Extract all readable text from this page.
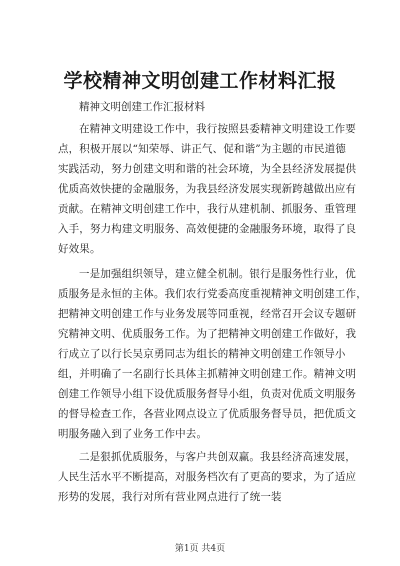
学校精神文明创建工作材料汇报
精神文明创建工作汇报材料
在精神文明建设工作中，我行按照县委精神文明建设工作要
点，积极开展以“知荣辱、讲正气、促和谐”为主题的市民道德
实践活动，努力创建文明和谐的社会环境，为全县经济发展提供
优质高效快捷的金融服务，为我县经济发展实现新跨越做出应有
贡献。在精神文明创建工作中，我行从建机制、抓服务、重管理
入手，努力构建文明服务、高效便捷的金融服务环境，取得了良
好效果。
一是加强组织领导，建立健全机制。银行是服务性行业，优
质服务是永恒的主体。我们农行党委高度重视精神文明创建工作，
把精神文明创建工作与业务发展等同重视，经常召开会议专题研
究精神文明、优质服务工作。为了把精神文明创建工作做好，我
行成立了以行长吴京勇同志为组长的精神文明创建工作领导小
组，并明确了一名副行长具体主抓精神文明创建工作。精神文明
创建工作领导小组下设优质服务督导小组，负责对优质文明服务
的督导检查工作，各营业网点设立了优质服务督导员，把优质文
明服务融入到了业务工作中去。
二是狠抓优质服务，与客户共创双赢。我县经济高速发展，
人民生活水平不断提高，对服务档次有了更高的要求，为了适应
形势的发展，我行对所有营业网点进行了统一装
第1页 共4页
